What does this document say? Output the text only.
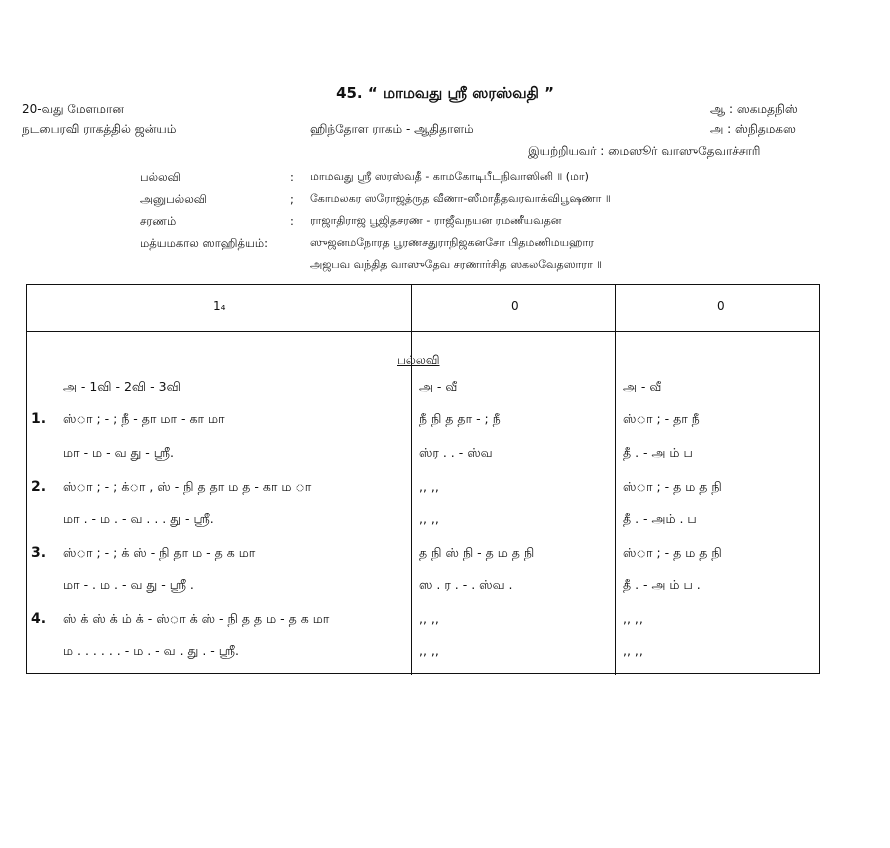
45. “ மாமவது ஸ்ரீ ஸரஸ்வதி ”
20-வது மேளமான
நடபைரவி ராகத்தில் ஜன்யம்	ஹிந்தோள ராகம் - ஆதிதாளம்
ஆ : ஸகமதநிஸ்
அ : ஸ்நிதமகஸ
இயற்றியவர் : மைஸூர் வாஸுதேவாச்சாரி
பல்லவி	: மாமவது ஸ்ரீ ஸரஸ்வதீ - காமகோடிபீடநிவாஸினி ॥ (மா)
அனுபல்லவி	; கோமலகர ஸரோஜத்ருத வீணா-ஸீமாதீதவரவாக்விபூஷணா ॥
சரணம்	: ராஜாதிராஜ பூஜிதசரண - ராஜீவநயன ரமணீயவதன
மத்யமகால ஸாஹித்யம்:	ஸுஜனமநோரத பூரணசதுராநிஜகனசோ பிதமணிமயஹார
அஜபவ வந்தித வாஸுதேவ சரணார்சித ஸகலவேதஸாரா ॥
1₄	0	0
பல்லவி
அ - 1வி - 2வி - 3வி	அ - வீ	அ - வீ
1. ஸ்ா ; - ; நீ - தா மா - கா மா	நீ நி த தா - ; நீ	ஸ்ா ; - தா நீ
மா - ம - வ து - ஸ்ரீ.	ஸ்ர . . - ஸ்வ	தீ . - அ ம் ப
2. ஸ்ா ; - ; க்ா , ஸ் - நி த தா ம த - கா ம ா	,, ,,	ஸ்ா ; - த ம த நி
மா . - ம . - வ . . . து - ஸ்ரீ.	,, ,,	தீ . - அம் . ப
3. ஸ்ா ; - ; க் ஸ் - நி தா ம - த க மா	த நி ஸ் நி - த ம த நி	ஸ்ா ; - த ம த நி
மா - . ம . - வ து - ஸ்ரீ .	ஸ . ர . - . ஸ்வ .	தீ . - அ ம் ப .
4. ஸ் க் ஸ் க் ம் க் - ஸ்ா க் ஸ் - நி த த ம - த க மா	,, ,,	,, ,,
ம . . . . . . - ம . - வ . து . - ஸ்ரீ.	,, ,,	,, ,,
